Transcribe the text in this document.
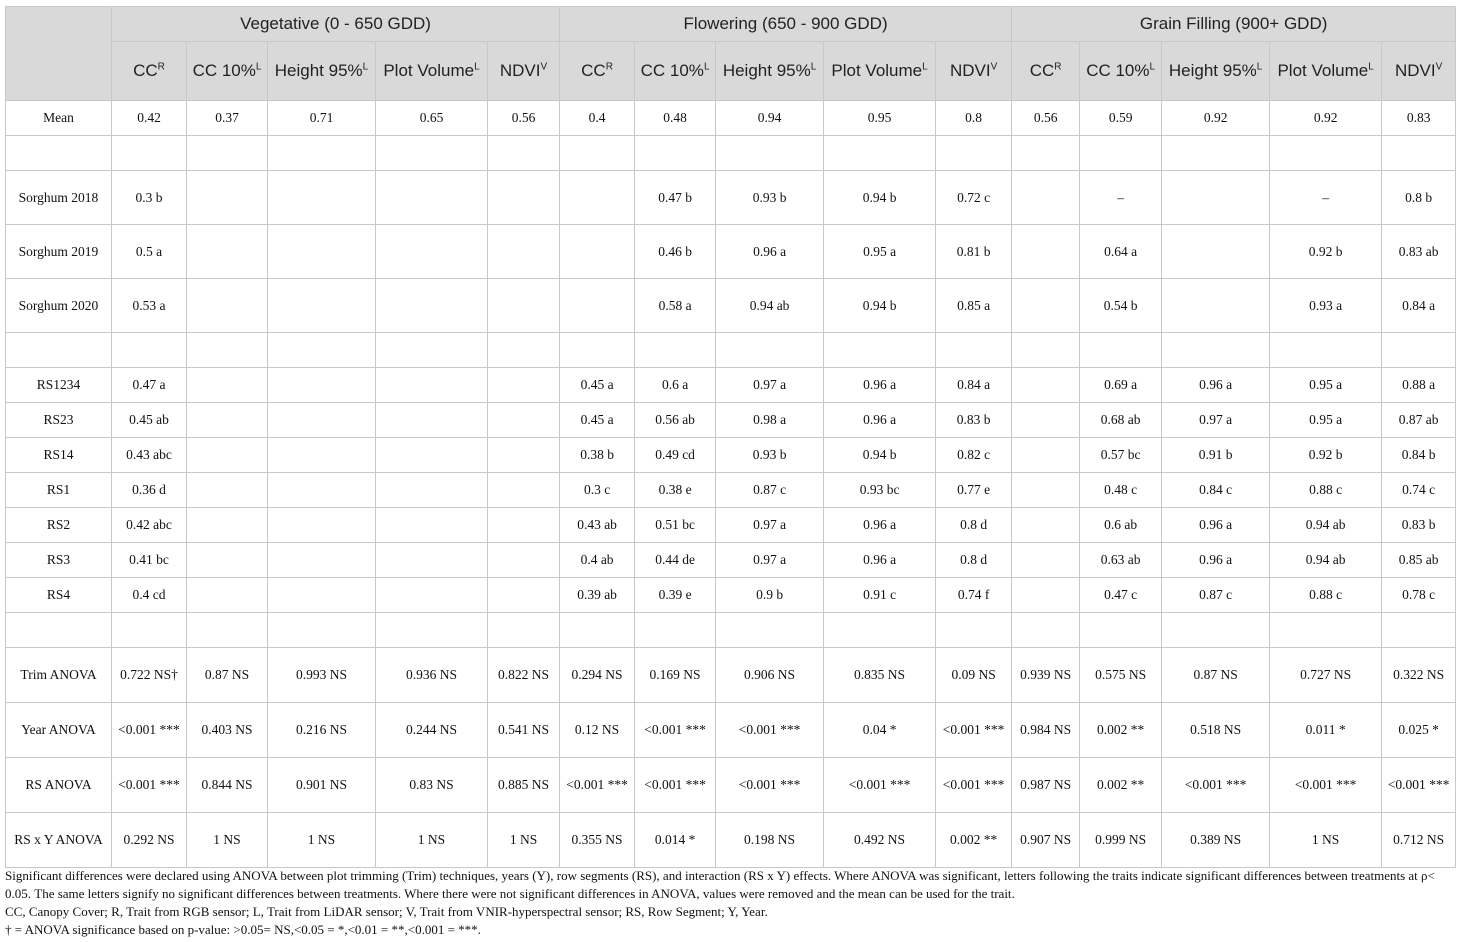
	Vegetative (0 - 650 GDD)					Flowering (650 - 900 GDD)					Grain Filling (900+ GDD)				
	$CC^R$	CC 10%$^L$	Height 95%$^L$	Plot Volume$^L$	$NDVI^V$	$CC^R$	CC 10%$^L$	Height 95%$^L$	Plot Volume$^L$	$NDVI^V$	$CC^R$	CC 10%$^L$	Height 95%$^L$	Plot Volume$^L$	$NDVI^V$
Mean	0.42	0.37	0.71	0.65	0.56	0.4	0.48	0.94	0.95	0.8	0.56	0.59	0.92	0.92	0.83

Sorghum 2018	0.3 b						0.47 b	0.93 b	0.94 b	0.72 c		–		–	0.8 b
Sorghum 2019	0.5 a						0.46 b	0.96 a	0.95 a	0.81 b		0.64 a		0.92 b	0.83 ab
Sorghum 2020	0.53 a						0.58 a	0.94 ab	0.94 b	0.85 a		0.54 b		0.93 a	0.84 a

RS1234	0.47 a					0.45 a	0.6 a	0.97 a	0.96 a	0.84 a		0.69 a	0.96 a	0.95 a	0.88 a
RS23	0.45 ab					0.45 a	0.56 ab	0.98 a	0.96 a	0.83 b		0.68 ab	0.97 a	0.95 a	0.87 ab
RS14	0.43 abc					0.38 b	0.49 cd	0.93 b	0.94 b	0.82 c		0.57 bc	0.91 b	0.92 b	0.84 b
RS1	0.36 d					0.3 c	0.38 e	0.87 c	0.93 bc	0.77 e		0.48 c	0.84 c	0.88 c	0.74 c
RS2	0.42 abc					0.43 ab	0.51 bc	0.97 a	0.96 a	0.8 d		0.6 ab	0.96 a	0.94 ab	0.83 b
RS3	0.41 bc					0.4 ab	0.44 de	0.97 a	0.96 a	0.8 d		0.63 ab	0.96 a	0.94 ab	0.85 ab
RS4	0.4 cd					0.39 ab	0.39 e	0.9 b	0.91 c	0.74 f		0.47 c	0.87 c	0.88 c	0.78 c

Trim ANOVA	0.722 NS†	0.87 NS	0.993 NS	0.936 NS	0.822 NS	0.294 NS	0.169 NS	0.906 NS	0.835 NS	0.09 NS	0.939 NS	0.575 NS	0.87 NS	0.727 NS	0.322 NS
Year ANOVA	<0.001 ***	0.403 NS	0.216 NS	0.244 NS	0.541 NS	0.12 NS	<0.001 ***	<0.001 ***	0.04 *	<0.001 ***	0.984 NS	0.002 **	0.518 NS	0.011 *	0.025 *
RS ANOVA	<0.001 ***	0.844 NS	0.901 NS	0.83 NS	0.885 NS	<0.001 ***	<0.001 ***	<0.001 ***	<0.001 ***	<0.001 ***	0.987 NS	0.002 **	<0.001 ***	<0.001 ***	<0.001 ***
RS x Y ANOVA	0.292 NS	1 NS	1 NS	1 NS	1 NS	0.355 NS	0.014 *	0.198 NS	0.492 NS	0.002 **	0.907 NS	0.999 NS	0.389 NS	1 NS	0.712 NS

Significant differences were declared using ANOVA between plot trimming (Trim) techniques, years (Y), row segments (RS), and interaction (RS x Y) effects. Where ANOVA was significant, letters following the traits indicate significant differences between treatments at ρ< 0.05. The same letters signify no significant differences between treatments. Where there were not significant differences in ANOVA, values were removed and the mean can be used for the trait.

CC, Canopy Cover; R, Trait from RGB sensor; L, Trait from LiDAR sensor; V, Trait from VNIR-hyperspectral sensor; RS, Row Segment; Y, Year.

† = ANOVA significance based on p-value: >0.05= NS,<0.05 = *,<0.01 = **,<0.001 = ***.
